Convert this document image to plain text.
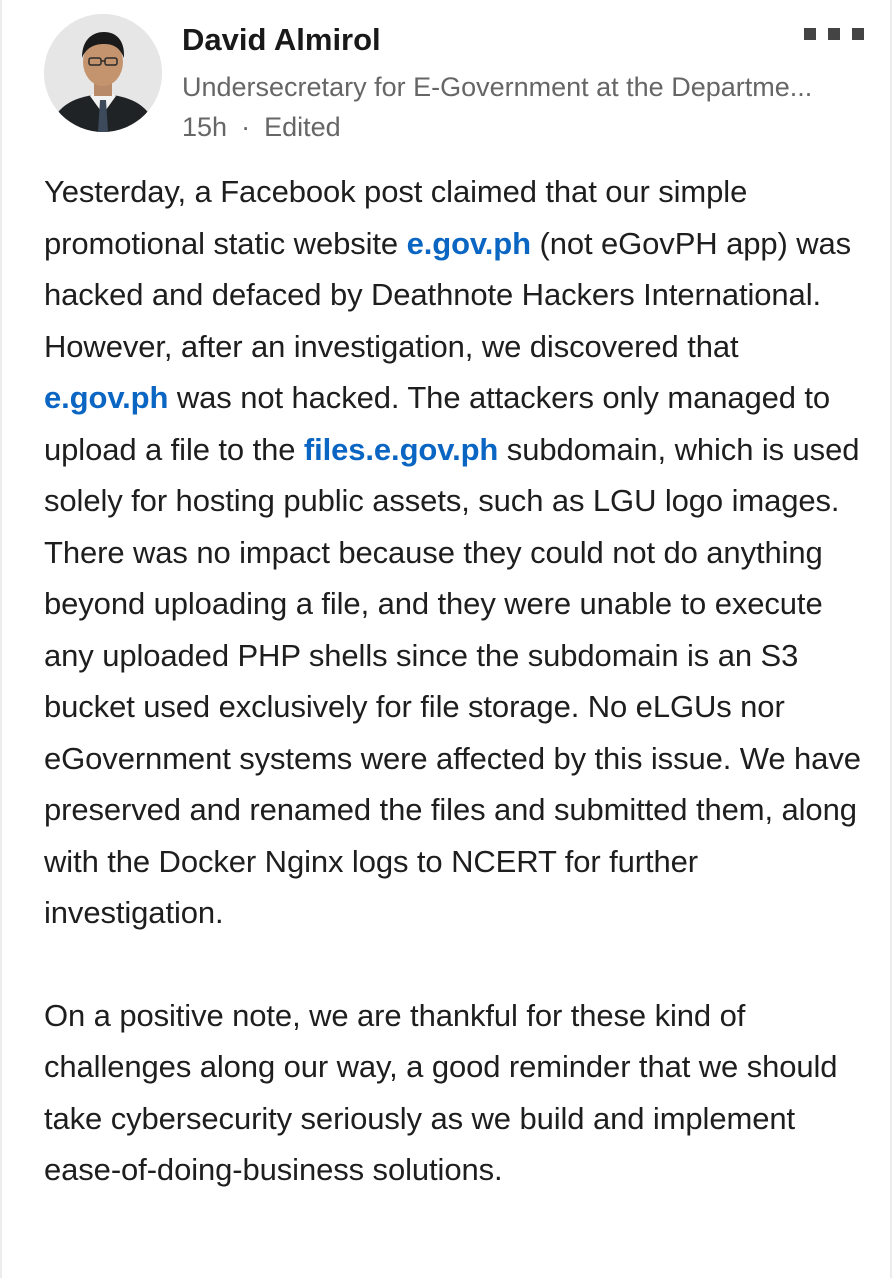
David Almirol
Undersecretary for E-Government at the Departme...
15h · Edited

Yesterday, a Facebook post claimed that our simple promotional static website e.gov.ph (not eGovPH app) was hacked and defaced by Deathnote Hackers International. However, after an investigation, we discovered that e.gov.ph was not hacked. The attackers only managed to upload a file to the files.e.gov.ph subdomain, which is used solely for hosting public assets, such as LGU logo images. There was no impact because they could not do anything beyond uploading a file, and they were unable to execute any uploaded PHP shells since the subdomain is an S3 bucket used exclusively for file storage. No eLGUs nor eGovernment systems were affected by this issue. We have preserved and renamed the files and submitted them, along with the Docker Nginx logs to NCERT for further investigation.

On a positive note, we are thankful for these kind of challenges along our way, a good reminder that we should take cybersecurity seriously as we build and implement ease-of-doing-business solutions.
